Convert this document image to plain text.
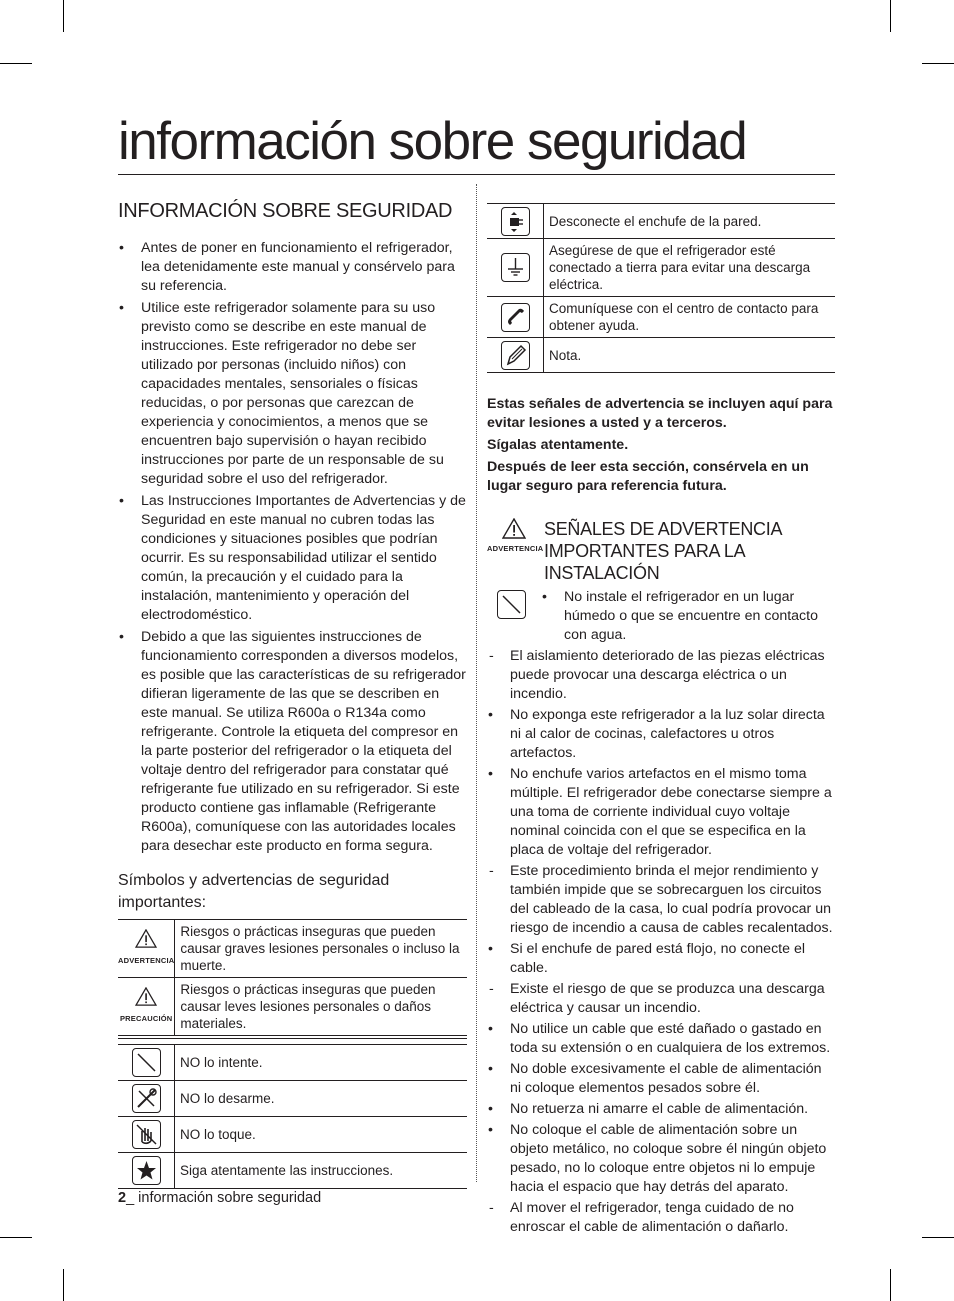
información sobre seguridad
INFORMACIÓN SOBRE SEGURIDAD
• Antes de poner en funcionamiento el refrigerador, lea detenidamente este manual y consérvelo para su referencia.
• Utilice este refrigerador solamente para su uso previsto como se describe en este manual de instrucciones. Este refrigerador no debe ser utilizado por personas (incluido niños) con capacidades mentales, sensoriales o físicas reducidas, o por personas que carezcan de experiencia y conocimientos, a menos que se encuentren bajo supervisión o hayan recibido instrucciones por parte de un responsable de su seguridad sobre el uso del refrigerador.
• Las Instrucciones Importantes de Advertencias y de Seguridad en este manual no cubren todas las condiciones y situaciones posibles que podrían ocurrir. Es su responsabilidad utilizar el sentido común, la precaución y el cuidado para la instalación, mantenimiento y operación del electrodoméstico.
• Debido a que las siguientes instrucciones de funcionamiento corresponden a diversos modelos, es posible que las características de su refrigerador difieran ligeramente de las que se describen en este manual. Se utiliza R600a o R134a como refrigerante. Controle la etiqueta del compresor en la parte posterior del refrigerador o la etiqueta del voltaje dentro del refrigerador para constatar qué refrigerante fue utilizado en su refrigerador. Si este producto contiene gas inflamable (Refrigerante R600a), comuníquese con las autoridades locales para desechar este producto en forma segura.
Símbolos y advertencias de seguridad importantes:
ADVERTENCIA	Riesgos o prácticas inseguras que pueden causar graves lesiones personales o incluso la muerte.

PRECAUCIÓN	Riesgos o prácticas inseguras que pueden causar leves lesiones personales o daños materiales.
	NO lo intente.

	NO lo desarme.

	NO lo toque.

	Siga atentamente las instrucciones.
	Desconecte el enchufe de la pared.

	Asegúrese de que el refrigerador esté conectado a tierra para evitar una descarga eléctrica.

	Comuníquese con el centro de contacto para obtener ayuda.

	Nota.

Estas señales de advertencia se incluyen aquí para evitar lesiones a usted y a terceros.

Sígalas atentamente.

Después de leer esta sección, consérvela en un lugar seguro para referencia futura.

ADVERTENCIA
SEÑALES DE ADVERTENCIA IMPORTANTES PARA LA INSTALACIÓN
• No instale el refrigerador en un lugar húmedo o que se encuentre en contacto con agua.
- El aislamiento deteriorado de las piezas eléctricas puede provocar una descarga eléctrica o un incendio.
• No exponga este refrigerador a la luz solar directa ni al calor de cocinas, calefactores u otros artefactos.
• No enchufe varios artefactos en el mismo toma múltiple. El refrigerador debe conectarse siempre a una toma de corriente individual cuyo voltaje nominal coincida con el que se especifica en la placa de voltaje del refrigerador.
- Este procedimiento brinda el mejor rendimiento y también impide que se sobrecarguen los circuitos del cableado de la casa, lo cual podría provocar un riesgo de incendio a causa de cables recalentados.
• Si el enchufe de pared está flojo, no conecte el cable.
- Existe el riesgo de que se produzca una descarga eléctrica y causar un incendio.
• No utilice un cable que esté dañado o gastado en toda su extensión o en cualquiera de los extremos.
• No doble excesivamente el cable de alimentación ni coloque elementos pesados sobre él.
• No retuerza ni amarre el cable de alimentación.
• No coloque el cable de alimentación sobre un objeto metálico, no coloque sobre él ningún objeto pesado, no lo coloque entre objetos ni lo empuje hacia el espacio que hay detrás del aparato.
- Al mover el refrigerador, tenga cuidado de no enroscar el cable de alimentación o dañarlo.
2_ información sobre seguridad
